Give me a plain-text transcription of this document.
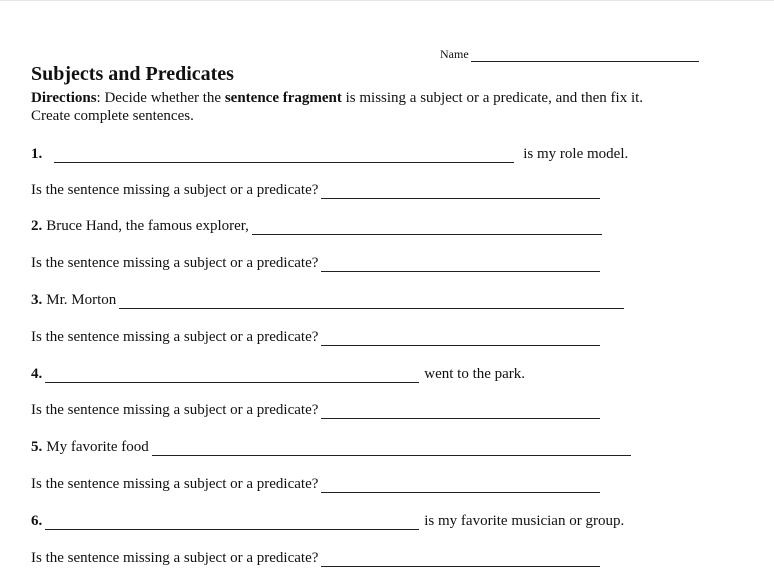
Name
Subjects and Predicates
Directions: Decide whether the sentence fragment is missing a subject or a predicate, and then fix it.
Create complete sentences.
1.	is my role model.
Is the sentence missing a subject or a predicate?
2. Bruce Hand, the famous explorer,
Is the sentence missing a subject or a predicate?
3. Mr. Morton
Is the sentence missing a subject or a predicate?
4.	went to the park.
Is the sentence missing a subject or a predicate?
5. My favorite food
Is the sentence missing a subject or a predicate?
6.	is my favorite musician or group.
Is the sentence missing a subject or a predicate?
